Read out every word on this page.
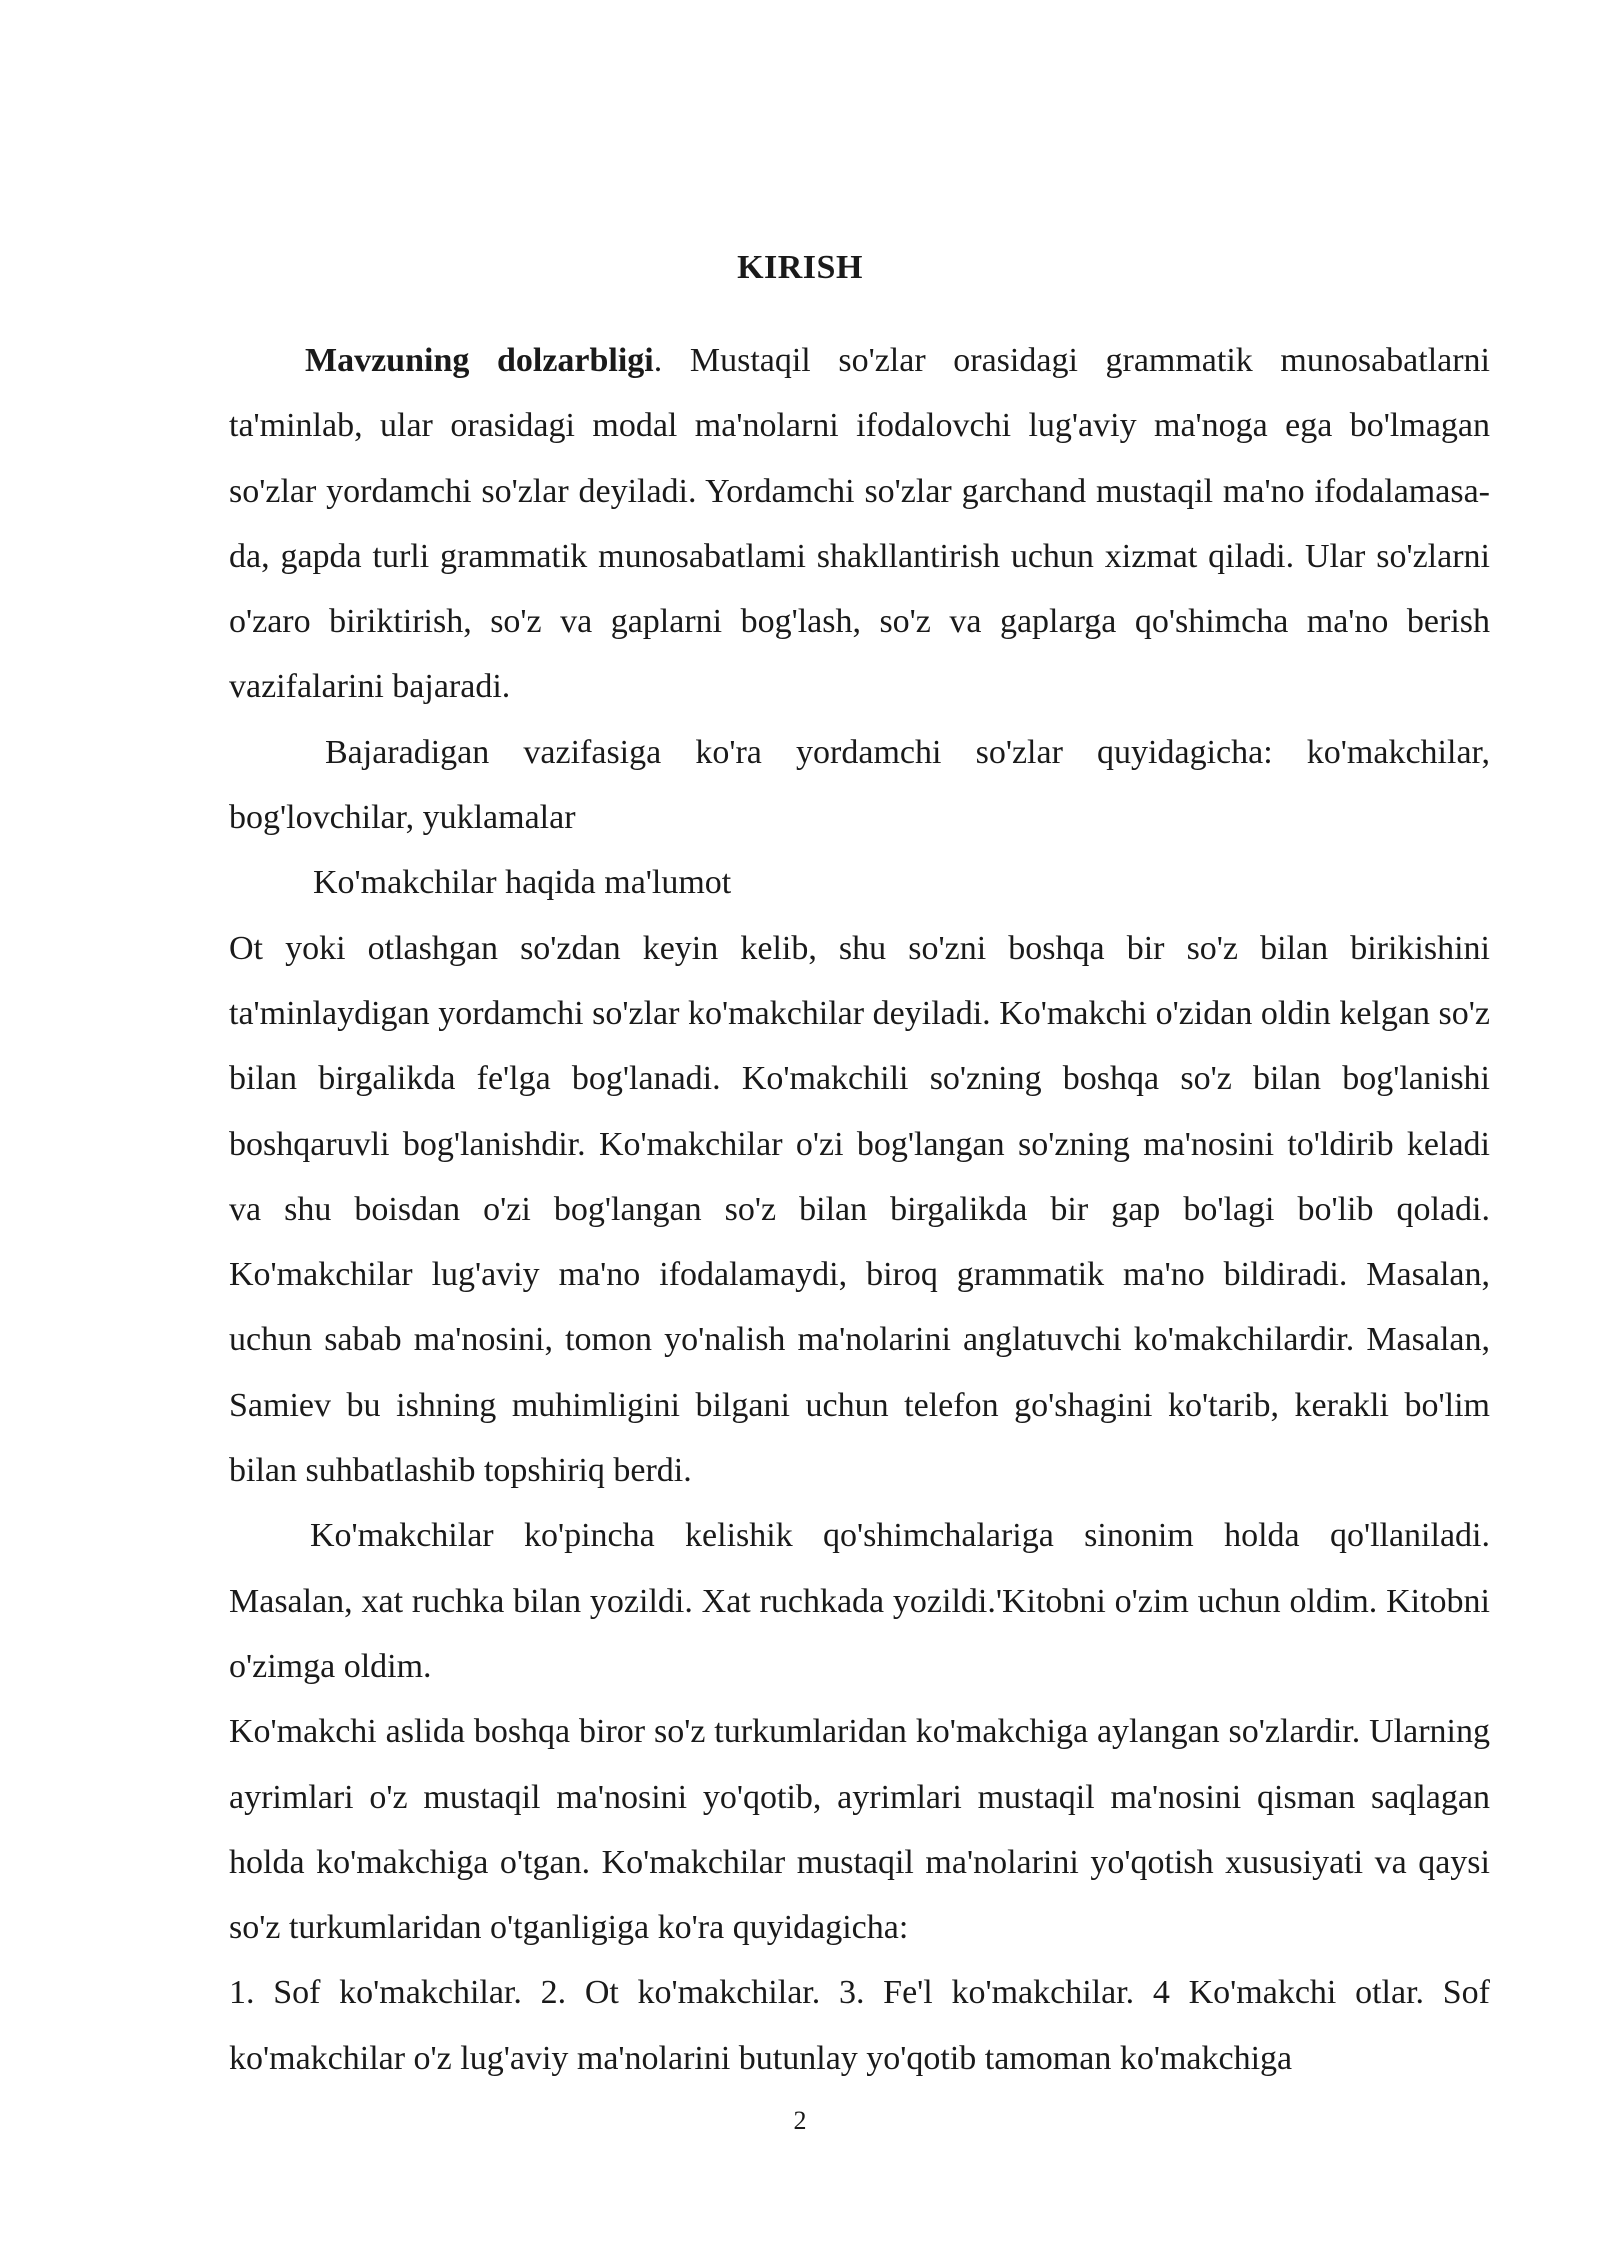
KIRISH

Mavzuning dolzarbligi. Mustaqil so'zlar orasidagi grammatik munosabatlarni ta'minlab, ular orasidagi modal ma'nolarni ifodalovchi lug'aviy ma'noga ega bo'lmagan so'zlar yordamchi so'zlar deyiladi. Yordamchi so'zlar garchand mustaqil ma'no ifodalamasa-da, gapda turli grammatik munosabatlami shakllantirish uchun xizmat qiladi. Ular so'zlarni o'zaro biriktirish, so'z va gaplarni bog'lash, so'z va gaplarga qo'shimcha ma'no berish vazifalarini bajaradi.

Bajaradigan vazifasiga ko'ra yordamchi so'zlar quyidagicha: ko'makchilar, bog'lovchilar, yuklamalar

Ko'makchilar haqida ma'lumot

Ot yoki otlashgan so'zdan keyin kelib, shu so'zni boshqa bir so'z bilan birikishini ta'minlaydigan yordamchi so'zlar ko'makchilar deyiladi. Ko'makchi o'zidan oldin kelgan so'z bilan birgalikda fe'lga bog'lanadi. Ko'makchili so'zning boshqa so'z bilan bog'lanishi boshqaruvli bog'lanishdir. Ko'makchilar o'zi bog'langan so'zning ma'nosini to'ldirib keladi va shu boisdan o'zi bog'langan so'z bilan birgalikda bir gap bo'lagi bo'lib qoladi. Ko'makchilar lug'aviy ma'no ifodalamaydi, biroq grammatik ma'no bildiradi. Masalan, uchun sabab ma'nosini, tomon yo'nalish ma'nolarini anglatuvchi ko'makchilardir. Masalan, Samiev bu ishning muhimligini bilgani uchun telefon go'shagini ko'tarib, kerakli bo'lim bilan suhbatlashib topshiriq berdi.

Ko'makchilar ko'pincha kelishik qo'shimchalariga sinonim holda qo'llaniladi. Masalan, xat ruchka bilan yozildi. Xat ruchkada yozildi.'Kitobni o'zim uchun oldim. Kitobni o'zimga oldim.

Ko'makchi aslida boshqa biror so'z turkumlaridan ko'makchiga aylangan so'zlardir. Ularning ayrimlari o'z mustaqil ma'nosini yo'qotib, ayrimlari mustaqil ma'nosini qisman saqlagan holda ko'makchiga o'tgan. Ko'makchilar mustaqil ma'nolarini yo'qotish xususiyati va qaysi so'z turkumlaridan o'tganligiga ko'ra quyidagicha:

1. Sof ko'makchilar. 2. Ot ko'makchilar. 3. Fe'l ko'makchilar. 4 Ko'makchi otlar. Sof ko'makchilar o'z lug'aviy ma'nolarini butunlay yo'qotib tamoman ko'makchiga

2
